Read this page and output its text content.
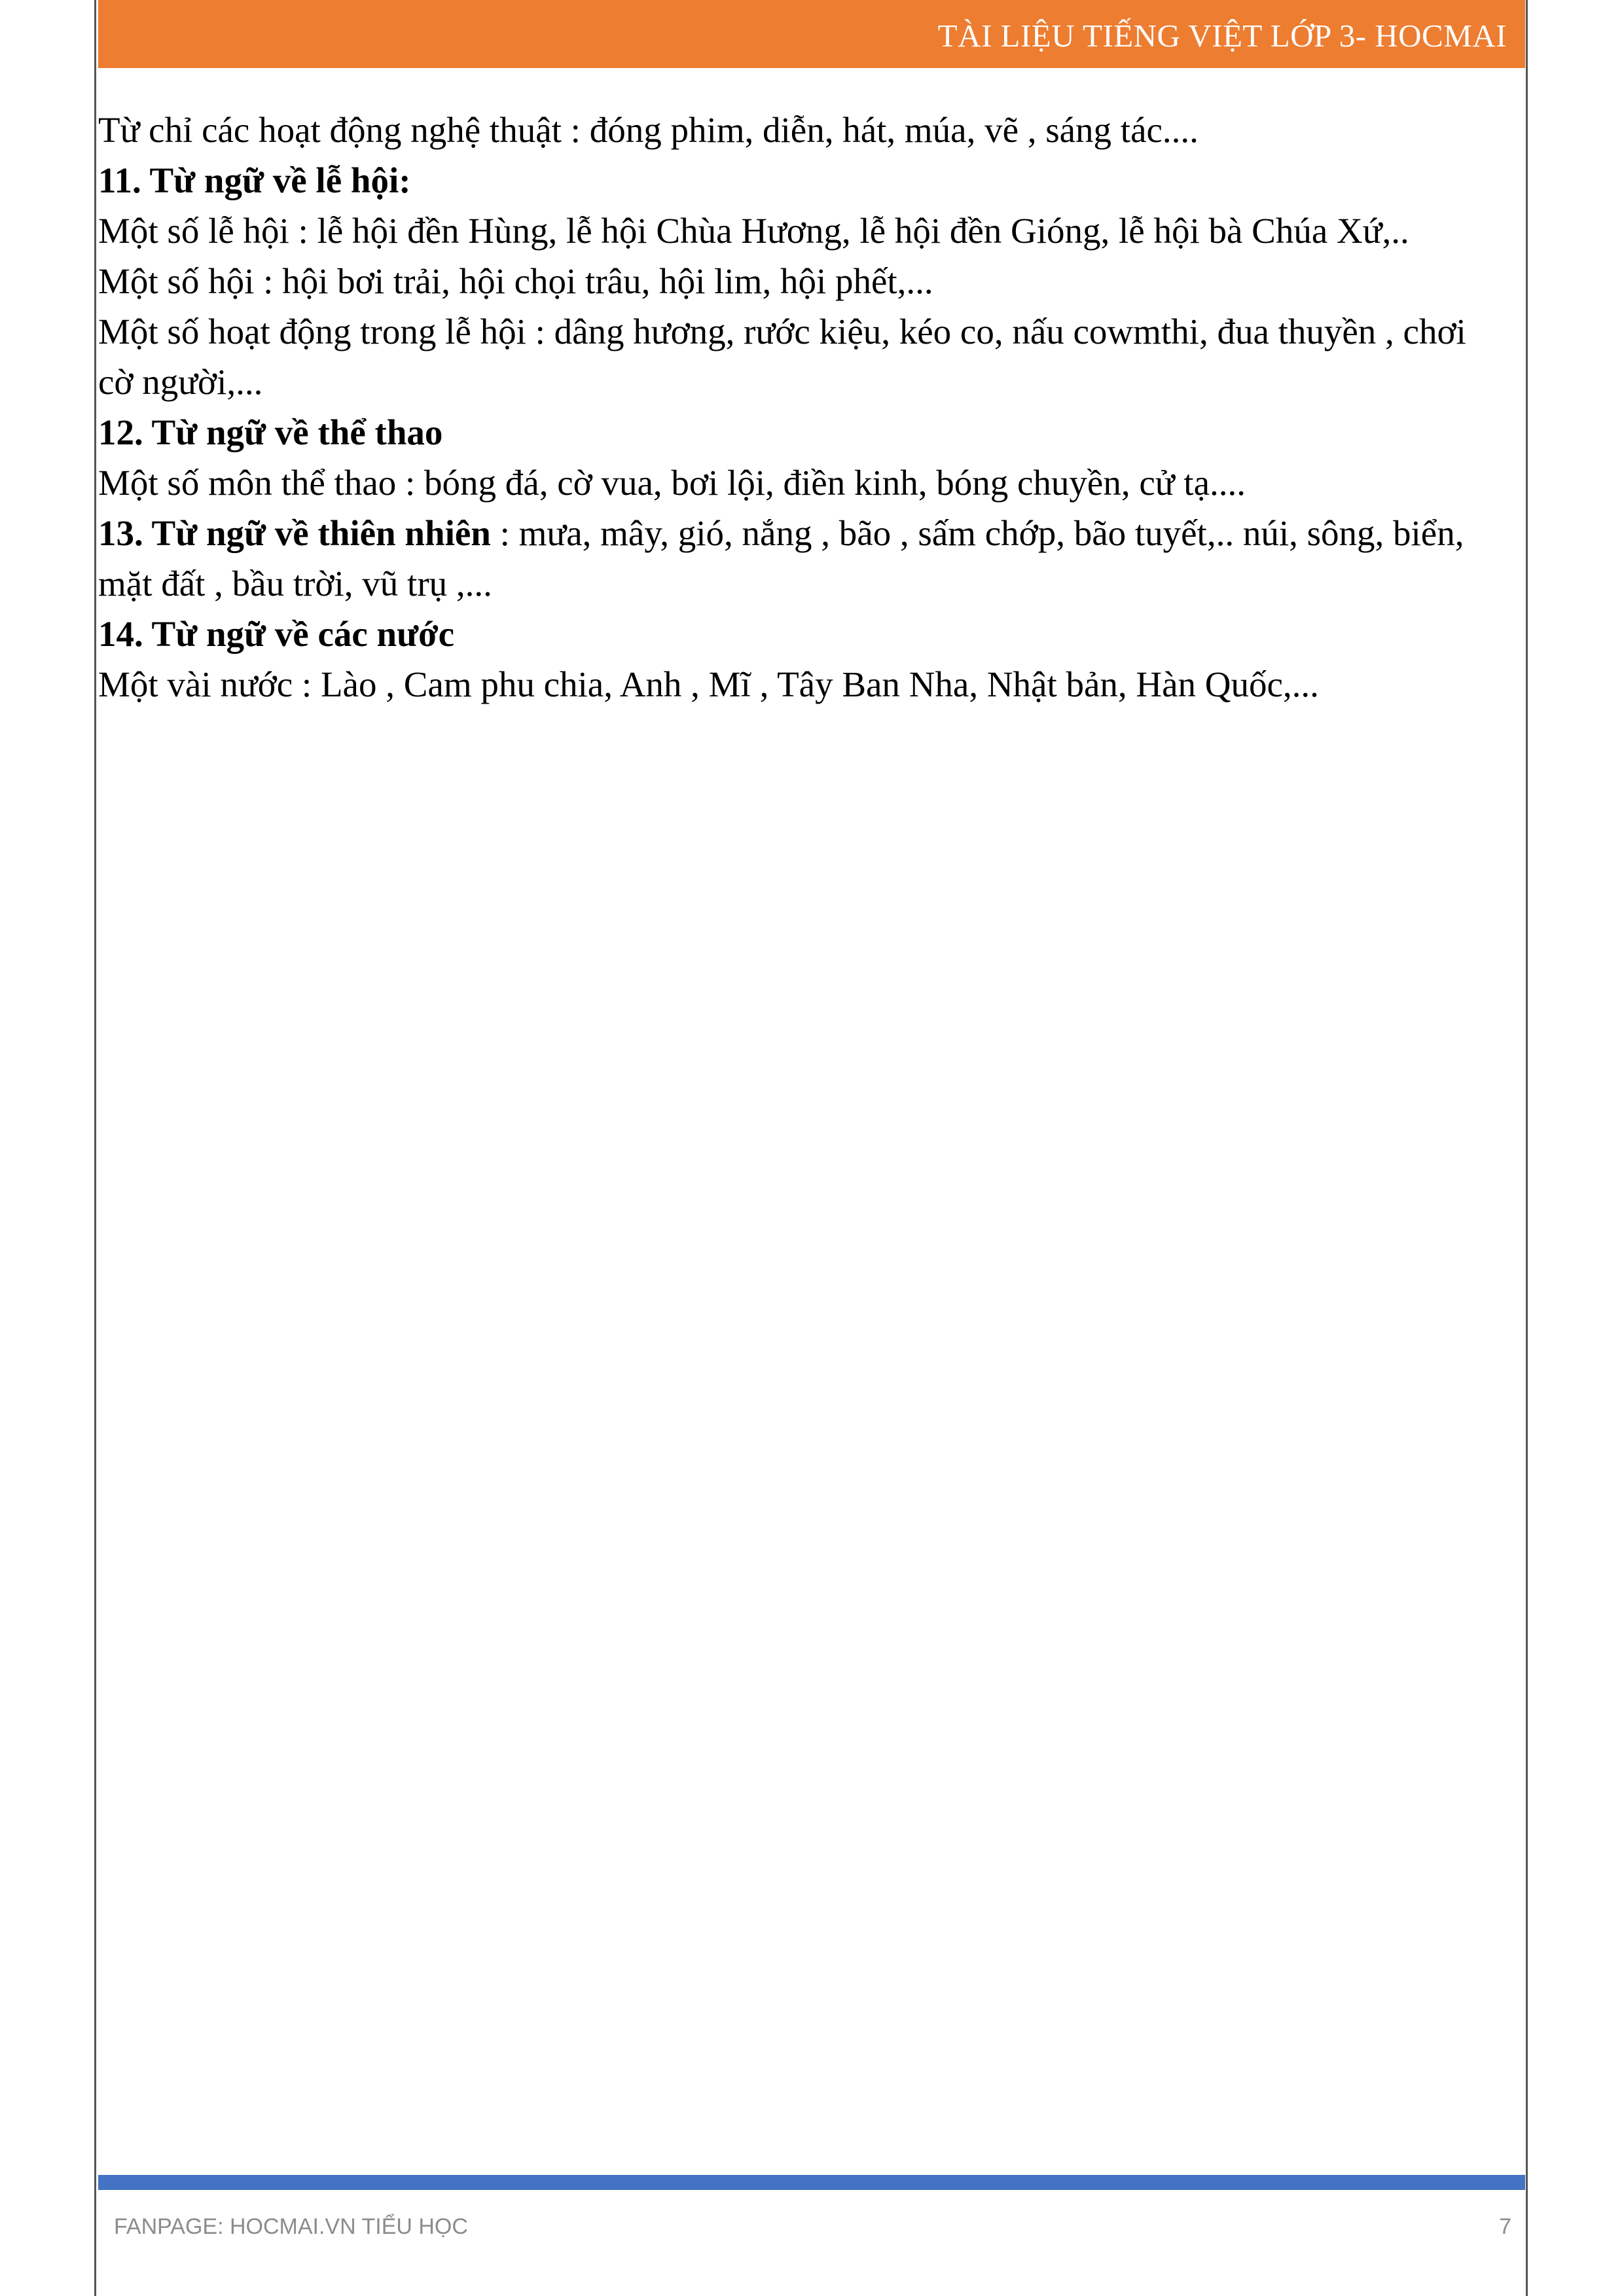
TÀI LIỆU TIẾNG VIỆT LỚP 3- HOCMAI

Từ chỉ các hoạt động nghệ thuật : đóng phim, diễn, hát, múa, vẽ , sáng tác....

11. Từ ngữ về lễ hội:

Một số lễ hội : lễ hội đền Hùng, lễ hội Chùa Hương, lễ hội đền Gióng, lễ hội bà Chúa Xứ,..

Một số hội : hội bơi trải, hội chọi trâu, hội lim, hội phết,...

Một số hoạt động trong lễ hội : dâng hương, rước kiệu, kéo co, nấu cowmthi, đua thuyền , chơi cờ người,...

12. Từ ngữ về thể thao

Một số môn thể thao : bóng đá, cờ vua, bơi lội, điền kinh, bóng chuyền, cử tạ....

13. Từ ngữ về thiên nhiên : mưa, mây, gió, nắng , bão , sấm chớp, bão tuyết,.. núi, sông, biển, mặt đất , bầu trời, vũ trụ ,...

14. Từ ngữ về các nước

Một vài nước : Lào , Cam phu chia, Anh , Mĩ , Tây Ban Nha, Nhật bản, Hàn Quốc,...

FANPAGE: HOCMAI.VN TIỂU HỌC	7
